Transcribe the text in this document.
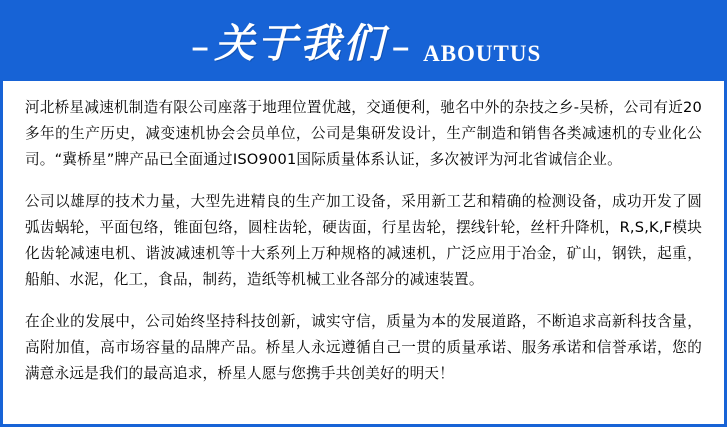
– 关于我们 – ABOUTUS

河北桥星减速机制造有限公司座落于地理位置优越，交通便利，驰名中外的杂技之乡-吴桥，公司有近20多年的生产历史，减变速机协会会员单位，公司是集研发设计，生产制造和销售各类减速机的专业化公司。“冀桥星”牌产品已全面通过ISO9001国际质量体系认证，多次被评为河北省诚信企业。

公司以雄厚的技术力量，大型先进精良的生产加工设备，采用新工艺和精确的检测设备，成功开发了圆弧齿蜗轮，平面包络，锥面包络，圆柱齿轮，硬齿面，行星齿轮，摆线针轮，丝杆升降机，R,S,K,F模块化齿轮减速电机、谐波减速机等十大系列上万种规格的减速机，广泛应用于冶金，矿山，钢铁，起重，船舶、水泥，化工，食品，制药，造纸等机械工业各部分的减速装置。

在企业的发展中，公司始终坚持科技创新，诚实守信，质量为本的发展道路，不断追求高新科技含量，高附加值，高市场容量的品牌产品。桥星人永远遵循自己一贯的质量承诺、服务承诺和信誉承诺，您的满意永远是我们的最高追求，桥星人愿与您携手共创美好的明天！
